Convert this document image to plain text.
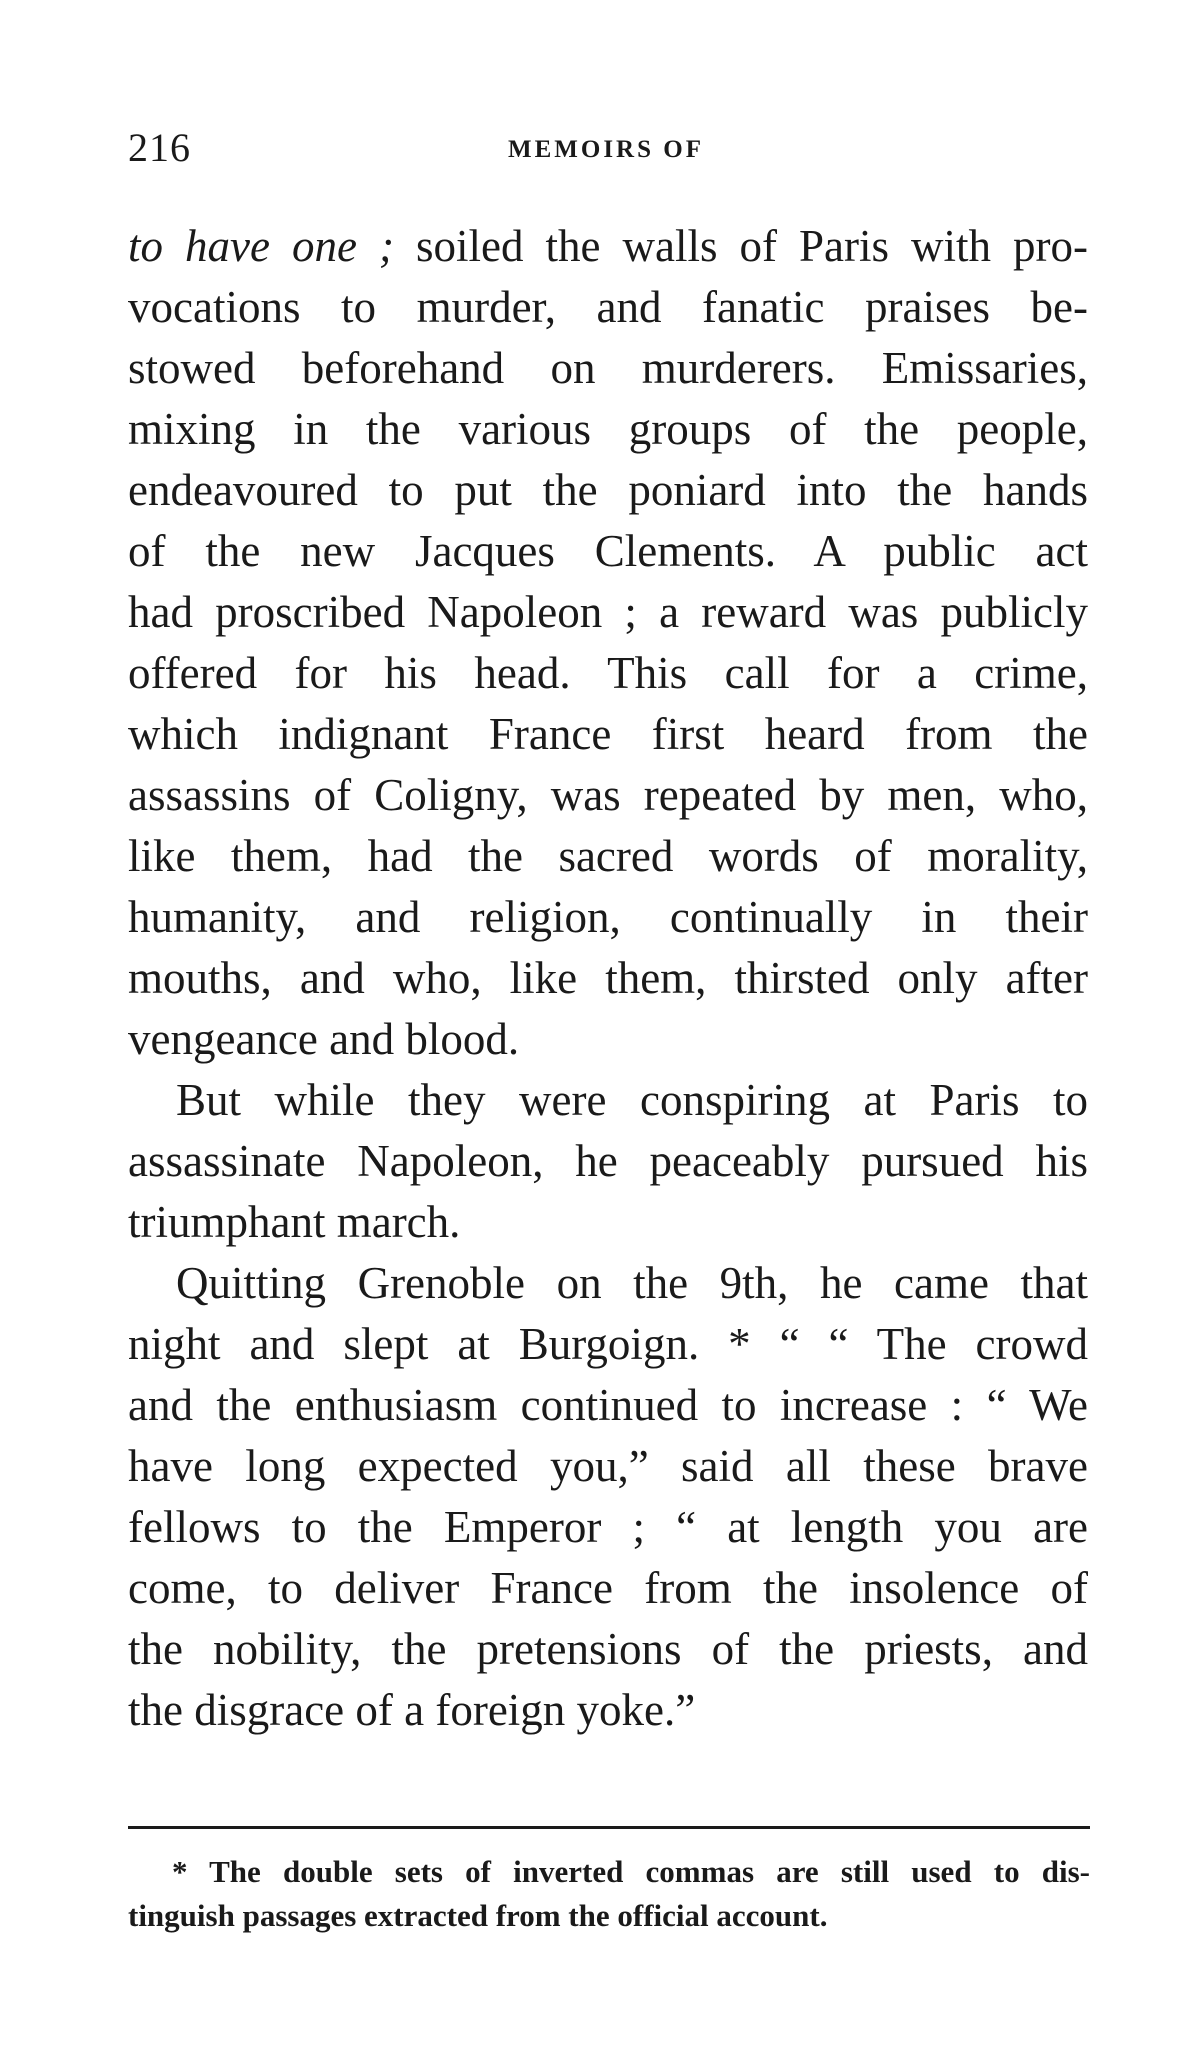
216	MEMOIRS OF
to have one ; soiled the walls of Paris with pro-
vocations to murder, and fanatic praises be-
stowed beforehand on murderers. Emissaries,
mixing in the various groups of the people,
endeavoured to put the poniard into the hands
of the new Jacques Clements. A public act
had proscribed Napoleon ; a reward was publicly
offered for his head. This call for a crime,
which indignant France first heard from the
assassins of Coligny, was repeated by men, who,
like them, had the sacred words of morality,
humanity, and religion, continually in their
mouths, and who, like them, thirsted only after
vengeance and blood.
But while they were conspiring at Paris to
assassinate Napoleon, he peaceably pursued his
triumphant march.
Quitting Grenoble on the 9th, he came that
night and slept at Burgoign. * “ “ The crowd
and the enthusiasm continued to increase : “ We
have long expected you,” said all these brave
fellows to the Emperor ; “ at length you are
come, to deliver France from the insolence of
the nobility, the pretensions of the priests, and
the disgrace of a foreign yoke.”
* The double sets of inverted commas are still used to dis-
tinguish passages extracted from the official account.
